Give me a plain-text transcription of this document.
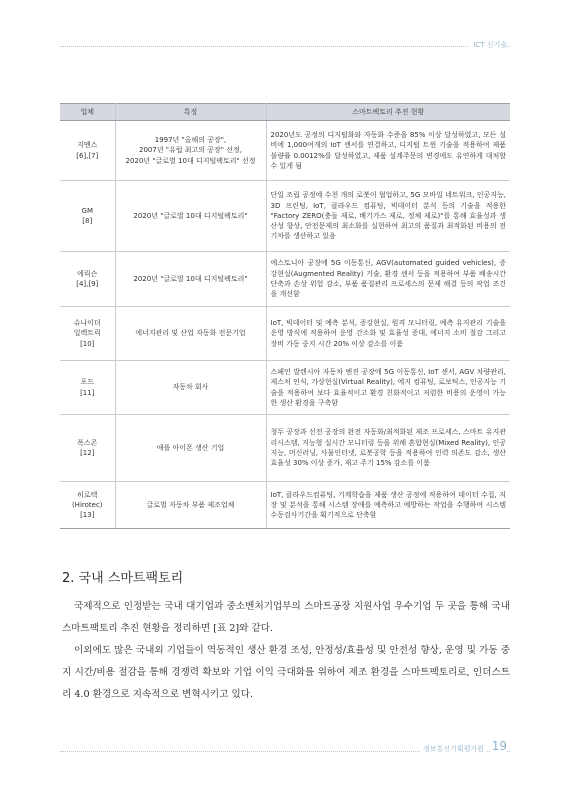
ICT 신기술
업체	특징	스마트팩토리 추진 현황
지멘스
[6],[7]	1997년 "올해의 공장",
2007년 "유럽 최고의 공장" 선정,
2020년 "글로벌 10대 디지털팩토리" 선정	2020년도 공정의 디지털화와 자동화 수준을 85% 이상 달성하였고, 모든 설비에 1,000여개의 IoT 센서를 연결하고, 디지털 트윈 기술을 적용하여 제품 불량률 0.0012%를 달성하였고, 제품 설계주문의 변경에도 유연하게 대처할 수 있게 됨
GM
[8]	2020년 "글로벌 10대 디지털팩토리"	단일 조립 공정에 수천 개의 로봇이 협업하고, 5G 모바일 네트워크, 인공지능, 3D 프린팅, IoT, 클라우드 컴퓨팅, 빅데이터 분석 등의 기술을 적용한 "Factory ZERO(충돌 제로, 배기가스 제로, 정체 제로)"를 통해 효율성과 생산성 향상, 안전문제의 최소화를 실현하여 최고의 품질과 최적화된 비용의 전기차를 생산하고 있음
에릭슨
[4],[9]	2020년 "글로벌 10대 디지털팩토리"	에스토니아 공장에 5G 이동통신, AGV(automated guided vehicles), 증강현실(Augmented Reality) 기술, 환경 센서 등을 적용하여 부품 배송시간 단축과 손상 위험 감소, 부품 품질관리 프로세스의 문제 해결 등의 작업 조건을 개선함
슈나이더
일렉트릭
[10]	에너지관리 및 산업 자동화 전문기업	IoT, 빅데이터 및 예측 분석, 증강현실, 원격 모니터링, 예측 유지관리 기술을 운영 방식에 적용하여 운영 간소화 및 효율성 증대, 에너지 소비 절감 그리고 장비 가동 중지 시간 20% 이상 감소를 이룸
포드
[11]	자동차 회사	스페인 발렌시아 자동차 엔진 공장에 5G 이동통신, IoT 센서, AGV 차량관리, 제스처 인식, 가상현실(Virtual Reality), 에지 컴퓨팅, 로보틱스, 인공지능 기술을 적용하여 보다 효율적이고 환경 친화적이고 저렴한 비용의 운영이 가능한 생산 환경을 구축함
폭스콘
[12]	애플 아이폰 생산 기업	청두 공장과 선전 공장의 완전 자동화/최적화된 제조 프로세스, 스마트 유지관리시스템, 지능형 실시간 모니터링 등을 위해 혼합현실(Mixed Reality), 인공지능, 머신러닝, 사물인터넷, 로봇공학 등을 적용하여 인력 의존도 감소, 생산 효율성 30% 이상 증가, 재고 주기 15% 감소를 이룸
히로텍
(Hirotec)
[13]	글로벌 자동차 부품 제조업체	IoT, 클라우드컴퓨팅, 기계학습을 제품 생산 공정에 적용하여 데이터 수집, 저장 및 분석을 통해 시스템 장애를 예측하고 예방하는 작업을 수행하여 시스템 수동검사기간을 획기적으로 단축함
2. 국내 스마트팩토리

국제적으로 인정받는 국내 대기업과 중소벤처기업부의 스마트공장 지원사업 우수기업 두 곳을 통해 국내 스마트팩토리 추진 현황을 정리하면 [표 2]와 같다.

이외에도 많은 국내외 기업들이 역동적인 생산 환경 조성, 안정성/효율성 및 안전성 향상, 운영 및 가동 중지 시간/비용 절감을 통해 경쟁력 확보와 기업 이익 극대화를 위하여 제조 환경을 스마트팩토리로, 인더스트리 4.0 환경으로 지속적으로 변혁시키고 있다.

정보통신기획평가원 19
